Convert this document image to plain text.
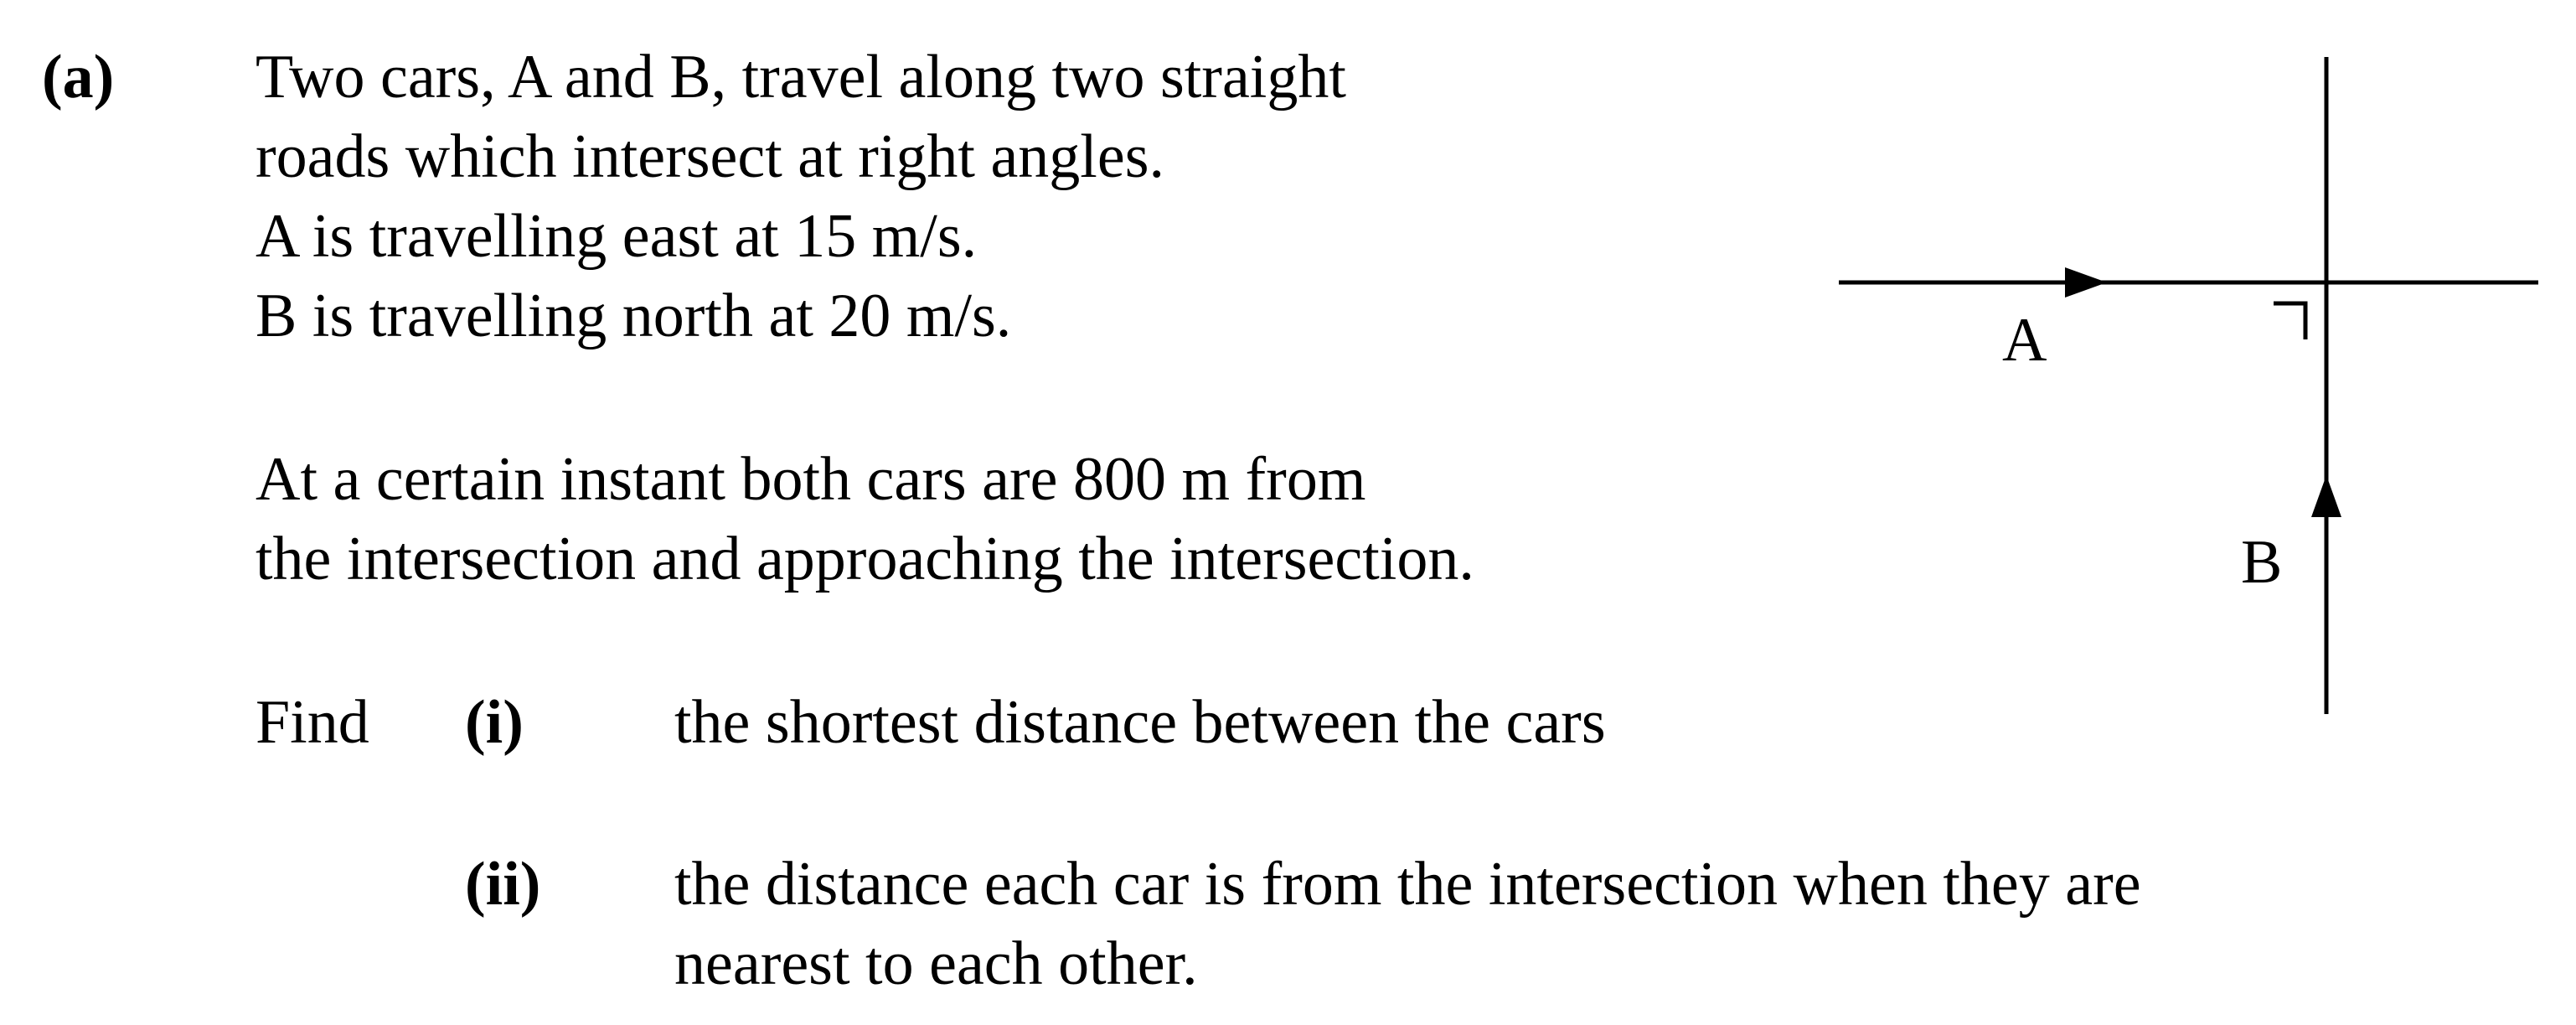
(a) Two cars, A and B, travel along two straight
roads which intersect at right angles.
A is travelling east at 15 m/s.
B is travelling north at 20 m/s.
At a certain instant both cars are 800 m from
the intersection and approaching the intersection.
Find (i) the shortest distance between the cars
(ii) the distance each car is from the intersection when they are
nearest to each other.
A
B
